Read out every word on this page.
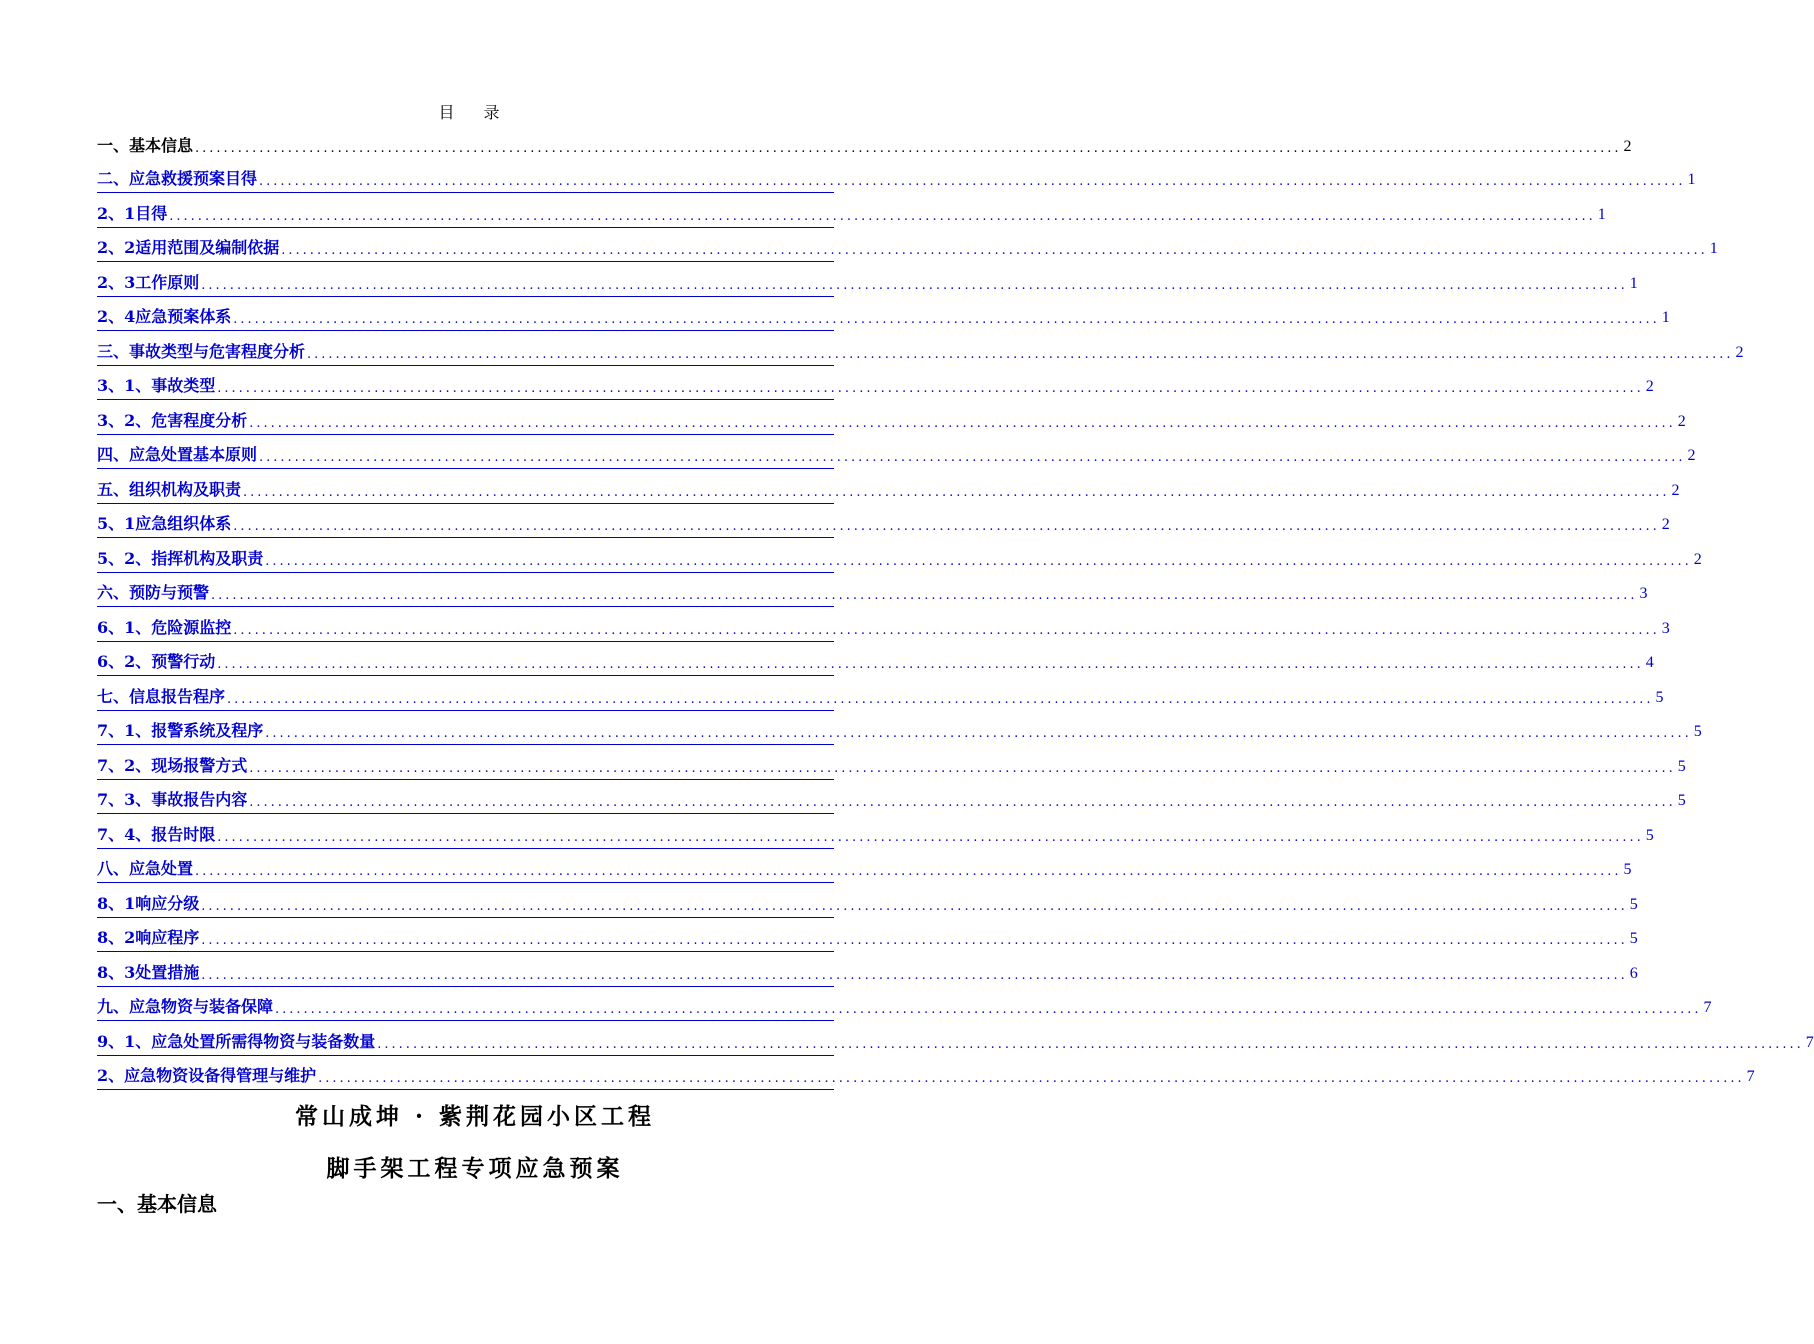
目 录
一、基本信息 ........................................................................................................................................................................................................ 2
二、应急救援预案目得 ........................................................................................................................................................................................................ 1
2、1目得 ........................................................................................................................................................................................................ 1
2、2适用范围及编制依据 ........................................................................................................................................................................................................ 1
2、3工作原则 ........................................................................................................................................................................................................ 1
2、4应急预案体系 ........................................................................................................................................................................................................ 1
三、事故类型与危害程度分析 ........................................................................................................................................................................................................ 2
3、1、事故类型 ........................................................................................................................................................................................................ 2
3、2、危害程度分析 ........................................................................................................................................................................................................ 2
四、应急处置基本原则 ........................................................................................................................................................................................................ 2
五、组织机构及职责 ........................................................................................................................................................................................................ 2
5、1应急组织体系 ........................................................................................................................................................................................................ 2
5、2、指挥机构及职责 ........................................................................................................................................................................................................ 2
六、预防与预警 ........................................................................................................................................................................................................ 3
6、1、危险源监控 ........................................................................................................................................................................................................ 3
6、2、预警行动 ........................................................................................................................................................................................................ 4
七、信息报告程序 ........................................................................................................................................................................................................ 5
7、1、报警系统及程序 ........................................................................................................................................................................................................ 5
7、2、现场报警方式 ........................................................................................................................................................................................................ 5
7、3、事故报告内容 ........................................................................................................................................................................................................ 5
7、4、报告时限 ........................................................................................................................................................................................................ 5
八、应急处置 ........................................................................................................................................................................................................ 5
8、1响应分级 ........................................................................................................................................................................................................ 5
8、2响应程序 ........................................................................................................................................................................................................ 5
8、3处置措施 ........................................................................................................................................................................................................ 6
九、应急物资与装备保障 ........................................................................................................................................................................................................ 7
9、1、应急处置所需得物资与装备数量 ........................................................................................................................................................................................................ 7
2、应急物资设备得管理与维护 ........................................................................................................................................................................................................ 7
常山成坤 · 紫荆花园小区工程
脚手架工程专项应急预案
一、基本信息
